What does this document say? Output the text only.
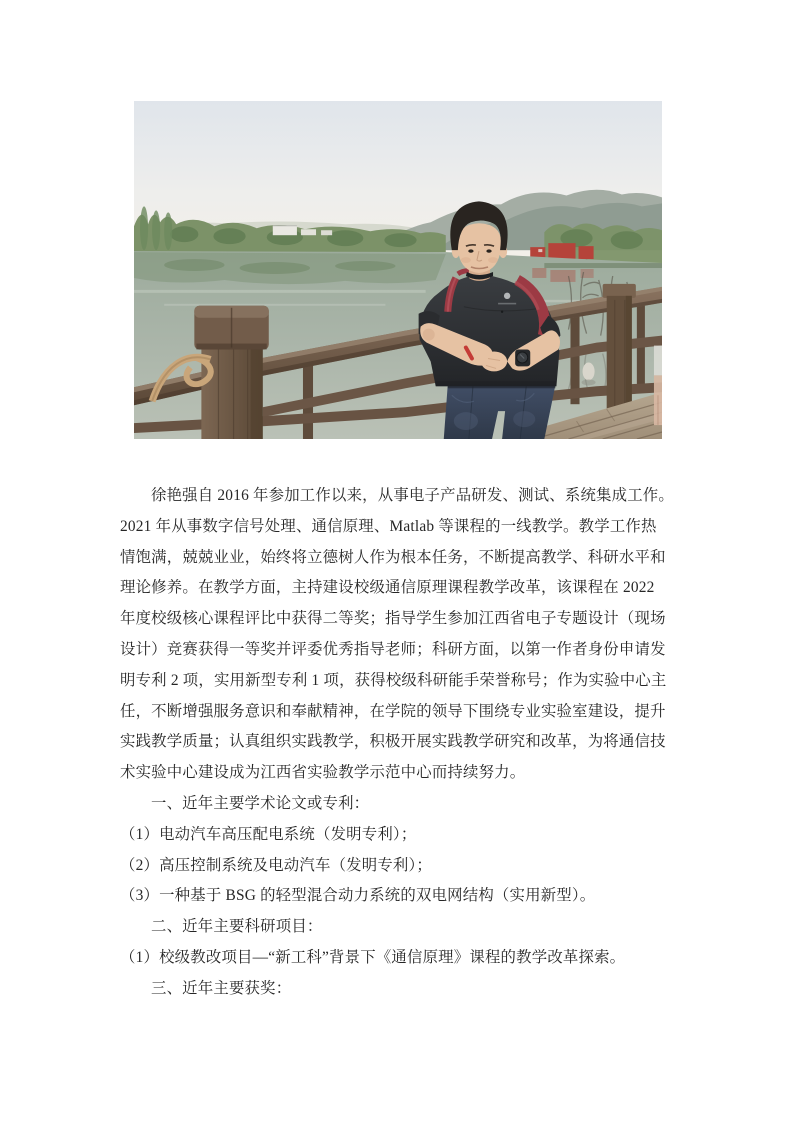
徐艳强自 2016 年参加工作以来，从事电子产品研发、测试、系统集成工作。

2021 年从事数字信号处理、通信原理、Matlab 等课程的一线教学。教学工作热

情饱满，兢兢业业，始终将立德树人作为根本任务，不断提高教学、科研水平和

理论修养。在教学方面，主持建设校级通信原理课程教学改革，该课程在 2022

年度校级核心课程评比中获得二等奖；指导学生参加江西省电子专题设计（现场

设计）竞赛获得一等奖并评委优秀指导老师；科研方面，以第一作者身份申请发

明专利 2 项，实用新型专利 1 项，获得校级科研能手荣誉称号；作为实验中心主

任，不断增强服务意识和奉献精神，在学院的领导下围绕专业实验室建设，提升

实践教学质量；认真组织实践教学，积极开展实践教学研究和改革，为将通信技

术实验中心建设成为江西省实验教学示范中心而持续努力。

一、近年主要学术论文或专利：

（1）电动汽车高压配电系统（发明专利）；

（2）高压控制系统及电动汽车（发明专利）；

（3）一种基于 BSG 的轻型混合动力系统的双电网结构（实用新型）。

二、近年主要科研项目：

（1）校级教改项目—“新工科”背景下《通信原理》课程的教学改革探索。

三、近年主要获奖：
